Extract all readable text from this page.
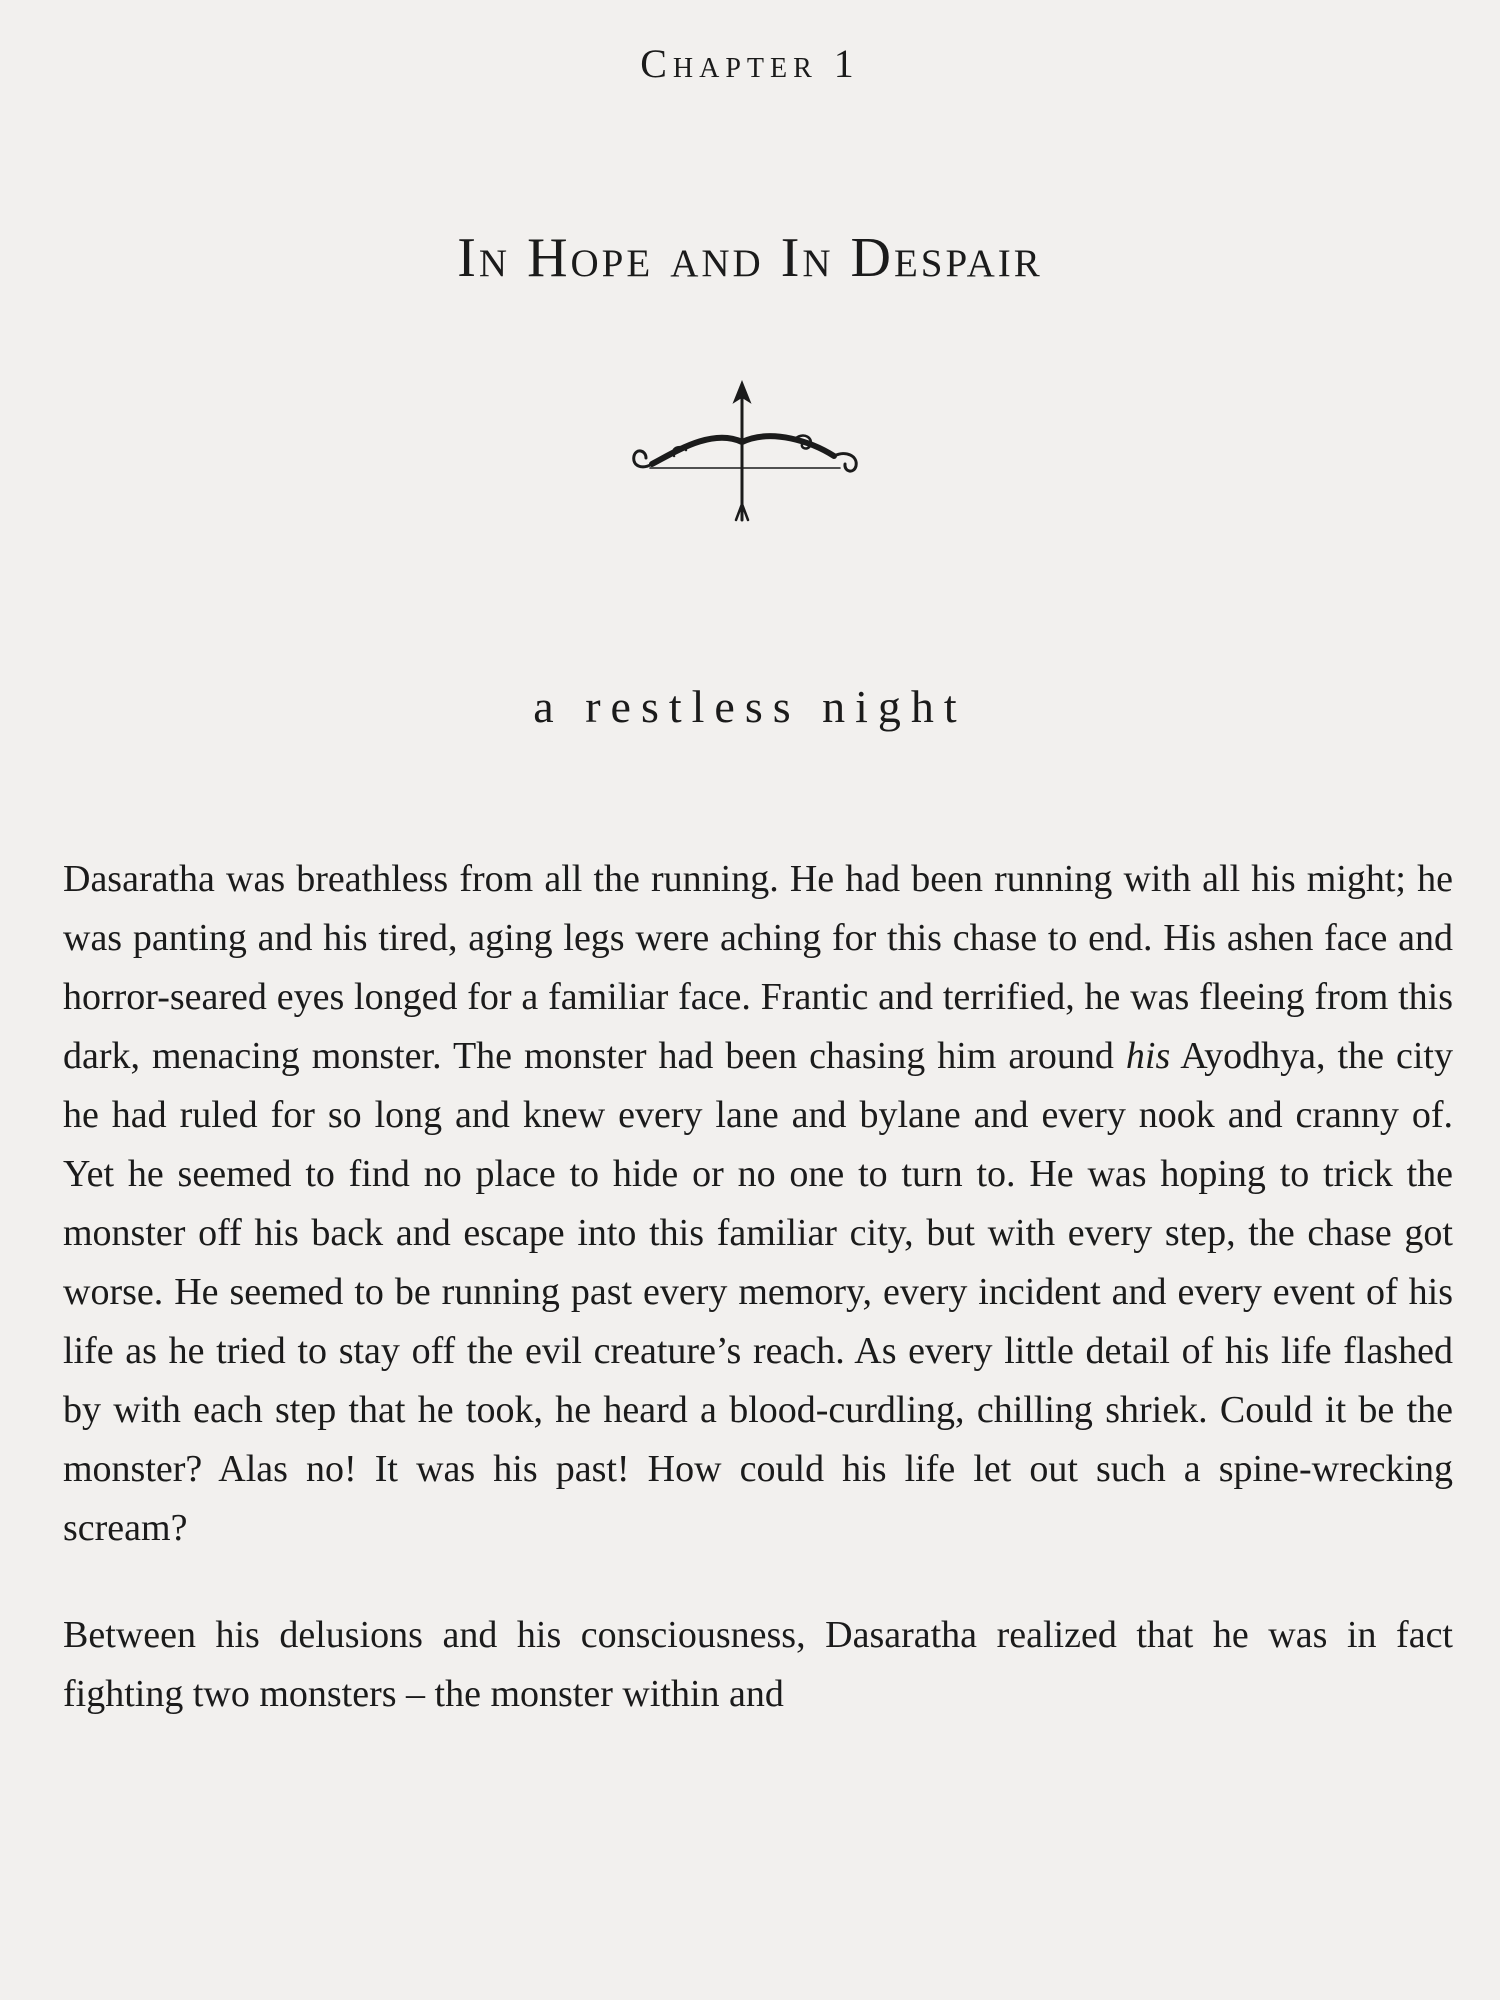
Chapter 1
In Hope and In Despair
a restless night

Dasaratha was breathless from all the running. He had been running with all his might; he was panting and his tired, aging legs were aching for this chase to end. His ashen face and horror-seared eyes longed for a familiar face. Frantic and terrified, he was fleeing from this dark, menacing monster. The monster had been chasing him around his Ayodhya, the city he had ruled for so long and knew every lane and bylane and every nook and cranny of. Yet he seemed to find no place to hide or no one to turn to. He was hoping to trick the monster off his back and escape into this familiar city, but with every step, the chase got worse. He seemed to be running past every memory, every incident and every event of his life as he tried to stay off the evil creature’s reach. As every little detail of his life flashed by with each step that he took, he heard a blood-curdling, chilling shriek. Could it be the monster? Alas no! It was his past! How could his life let out such a spine-wrecking scream?

Between his delusions and his consciousness, Dasaratha realized that he was in fact fighting two monsters – the monster within and
